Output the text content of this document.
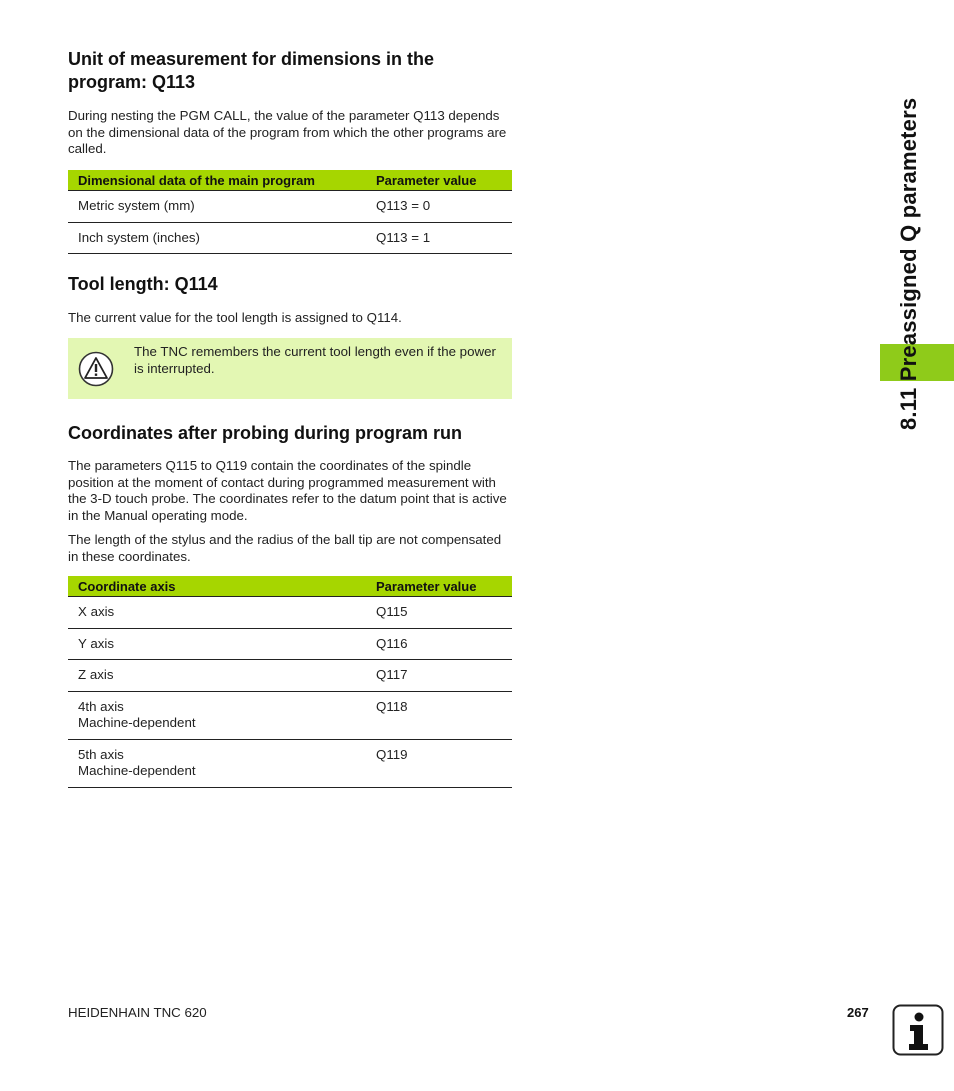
Unit of measurement for dimensions in the program: Q113

During nesting the PGM CALL, the value of the parameter Q113 depends on the dimensional data of the program from which the other programs are called.

Dimensional data of the main program	Parameter value
Metric system (mm)	Q113 = 0
Inch system (inches)	Q113 = 1
Tool length: Q114

The current value for the tool length is assigned to Q114.

The TNC remembers the current tool length even if the power is interrupted.
Coordinates after probing during program run

The parameters Q115 to Q119 contain the coordinates of the spindle position at the moment of contact during programmed measurement with the 3-D touch probe. The coordinates refer to the datum point that is active in the Manual operating mode.

The length of the stylus and the radius of the ball tip are not compensated in these coordinates.

Coordinate axis	Parameter value
X axis	Q115
Y axis	Q116
Z axis	Q117
4th axis
Machine-dependent	Q118
5th axis
Machine-dependent	Q119
8.11 Preassigned Q parameters
HEIDENHAIN TNC 620	267
